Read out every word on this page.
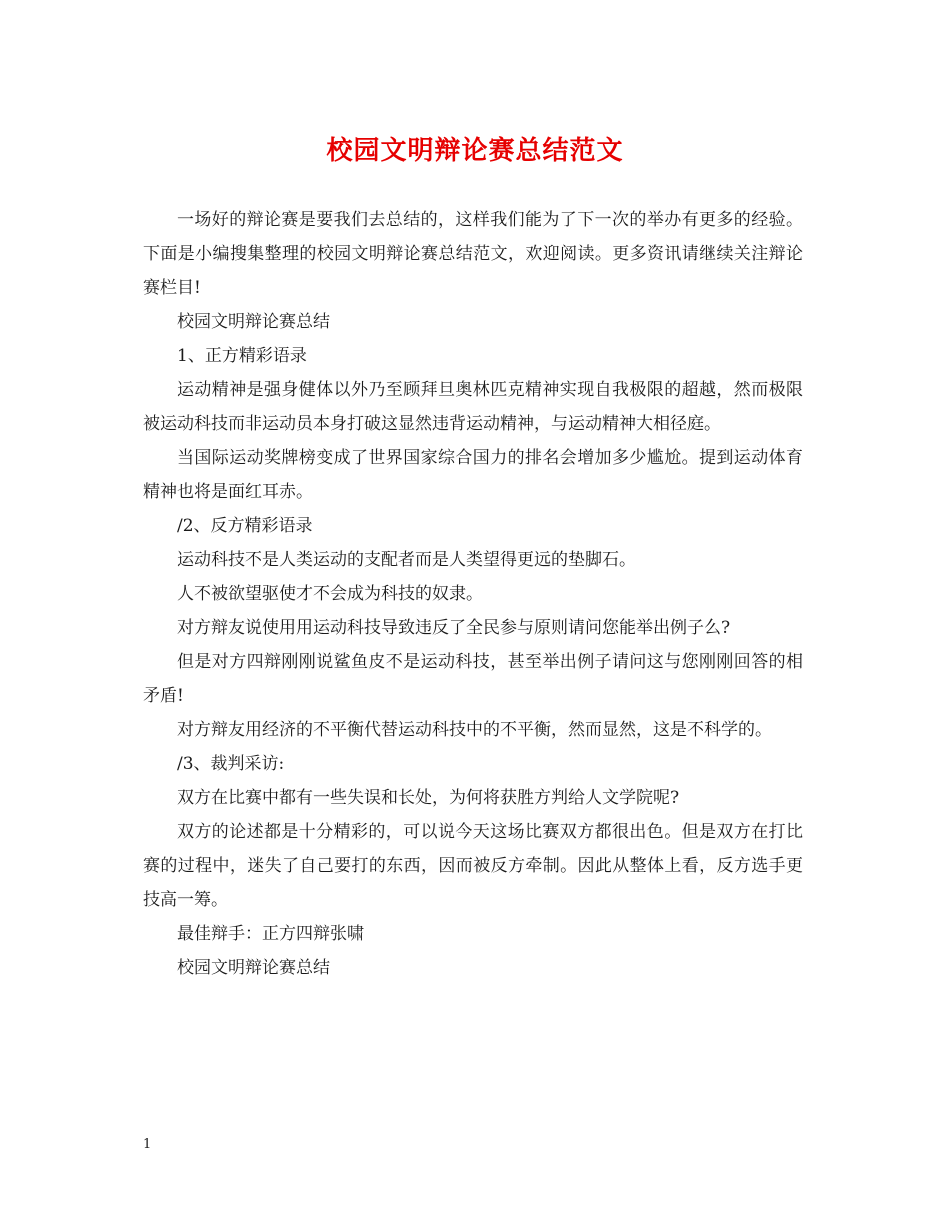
校园文明辩论赛总结范文

一场好的辩论赛是要我们去总结的，这样我们能为了下一次的举办有更多的经验。下面是小编搜集整理的校园文明辩论赛总结范文，欢迎阅读。更多资讯请继续关注辩论赛栏目!

校园文明辩论赛总结

1、正方精彩语录

运动精神是强身健体以外乃至顾拜旦奥林匹克精神实现自我极限的超越，然而极限被运动科技而非运动员本身打破这显然违背运动精神，与运动精神大相径庭。

当国际运动奖牌榜变成了世界国家综合国力的排名会增加多少尴尬。提到运动体育精神也将是面红耳赤。

/2、反方精彩语录

运动科技不是人类运动的支配者而是人类望得更远的垫脚石。

人不被欲望驱使才不会成为科技的奴隶。

对方辩友说使用用运动科技导致违反了全民参与原则请问您能举出例子么?

但是对方四辩刚刚说鲨鱼皮不是运动科技，甚至举出例子请问这与您刚刚回答的相矛盾!

对方辩友用经济的不平衡代替运动科技中的不平衡，然而显然，这是不科学的。

/3、裁判采访:

双方在比赛中都有一些失误和长处，为何将获胜方判给人文学院呢?

双方的论述都是十分精彩的，可以说今天这场比赛双方都很出色。但是双方在打比赛的过程中，迷失了自己要打的东西，因而被反方牵制。因此从整体上看，反方选手更技高一筹。

最佳辩手：正方四辩张啸

校园文明辩论赛总结

1
